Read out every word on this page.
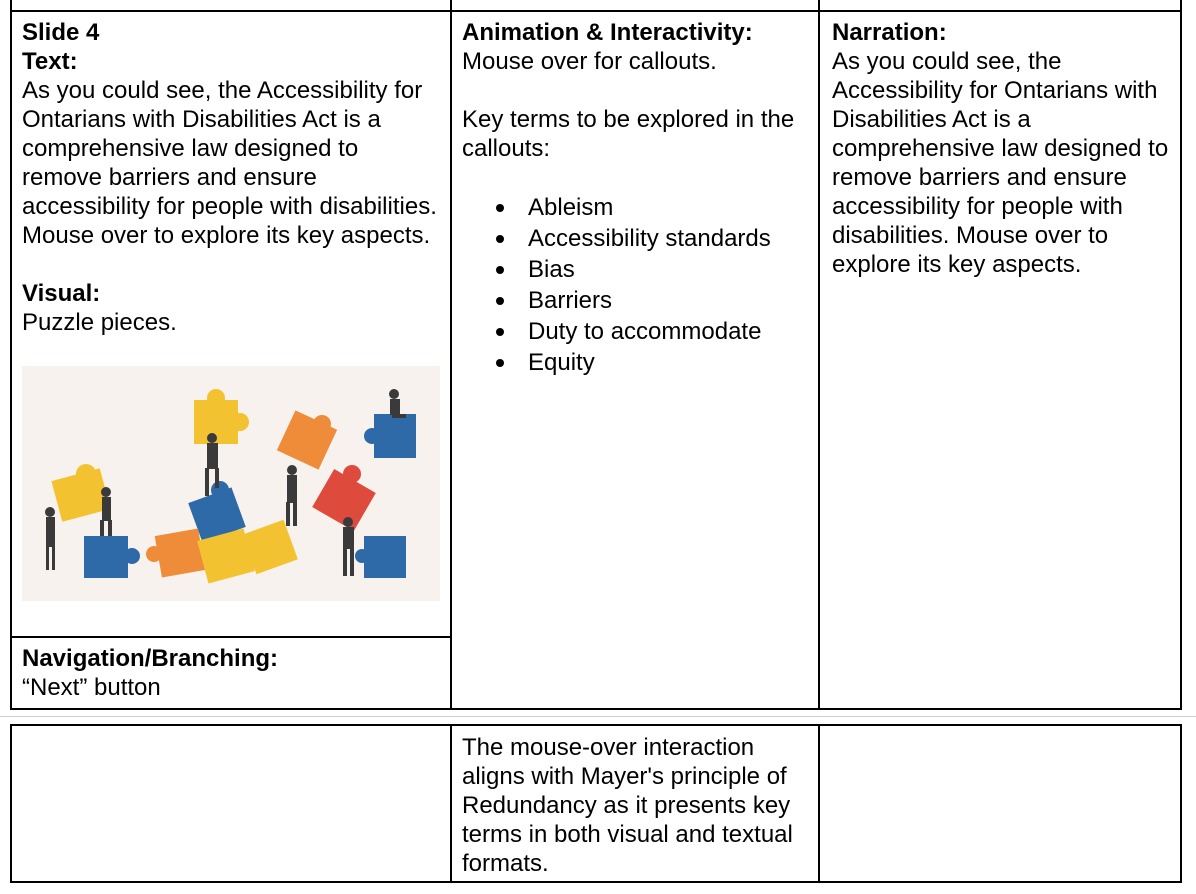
Slide 4

Text:

As you could see, the Accessibility for Ontarians with Disabilities Act is a comprehensive law designed to remove barriers and ensure accessibility for people with disabilities. Mouse over to explore its key aspects.

Visual:

Puzzle pieces.

Navigation/Branching:

“Next” button

Animation & Interactivity:

Mouse over for callouts.

Key terms to be explored in the callouts:

Ableism
Accessibility standards
Bias
Barriers
Duty to accommodate
Equity

Narration:

As you could see, the Accessibility for Ontarians with Disabilities Act is a comprehensive law designed to remove barriers and ensure accessibility for people with disabilities. Mouse over to explore its key aspects.

The mouse-over interaction aligns with Mayer's principle of Redundancy as it presents key terms in both visual and textual formats.
